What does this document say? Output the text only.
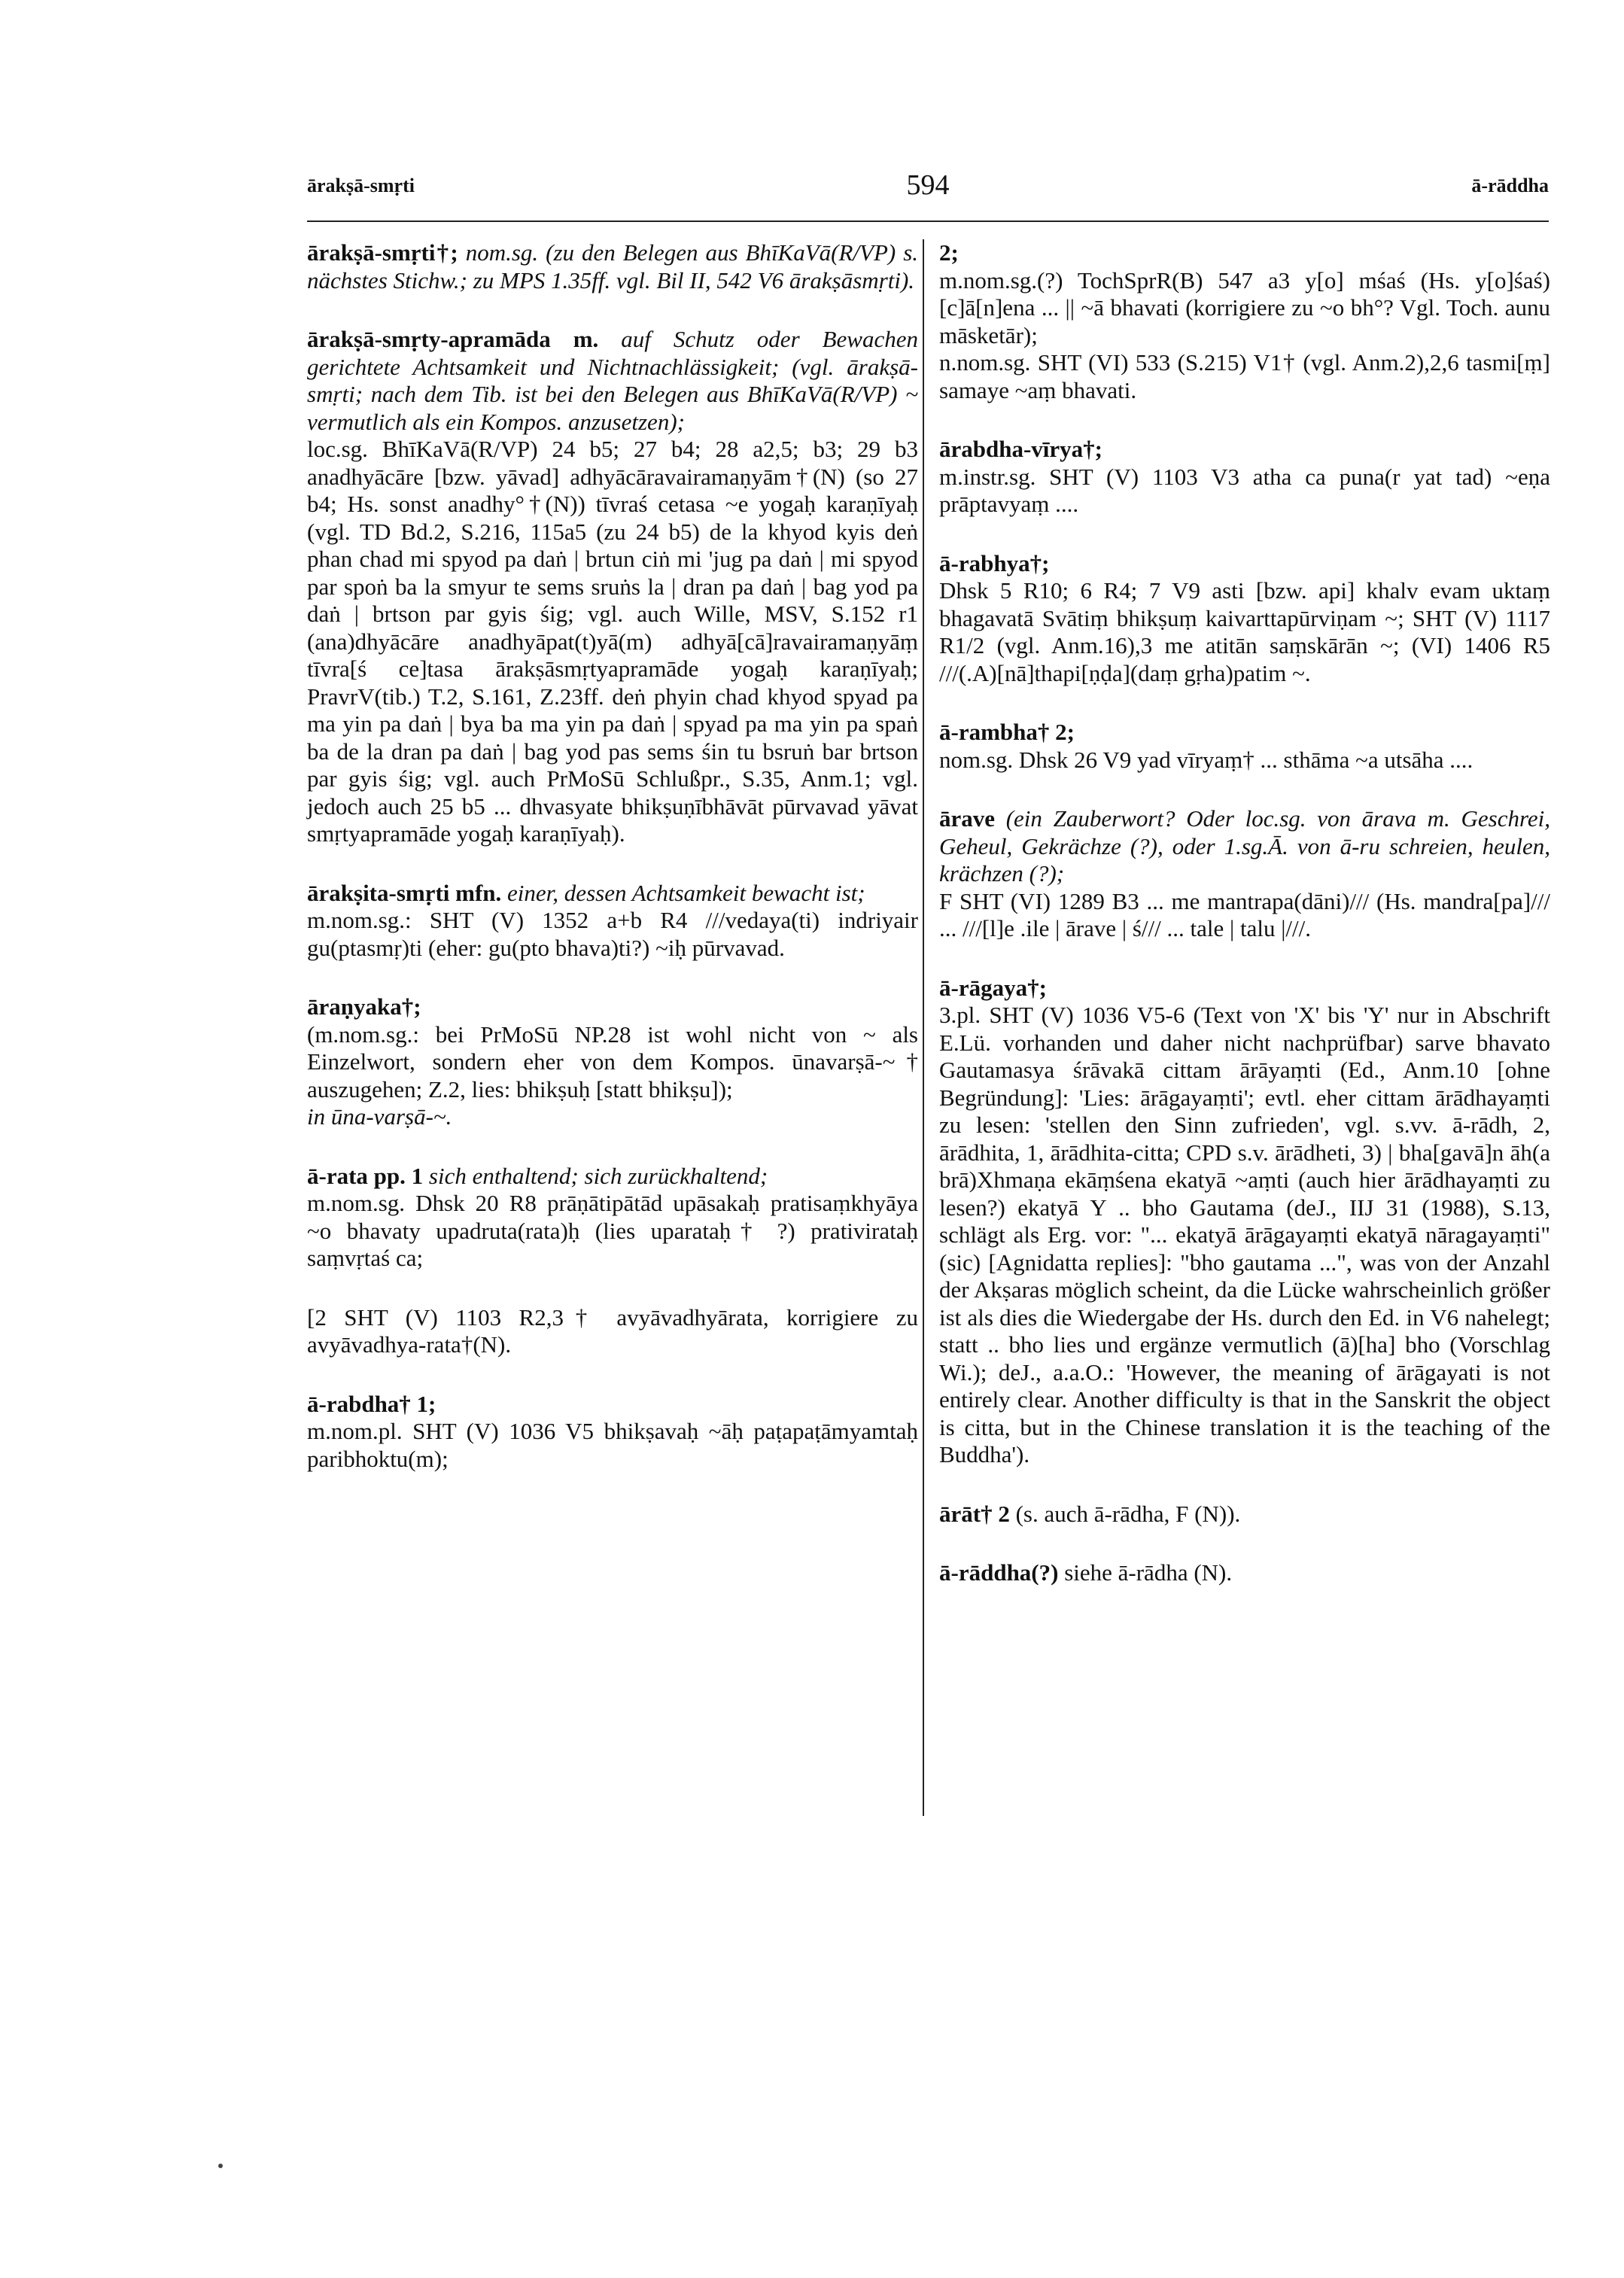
ārakṣā-smṛti	594	ā-rāddha

ārakṣā-smṛti†; nom.sg. (zu den Belegen aus BhīKaVā(R/VP) s. nächstes Stichw.; zu MPS 1.35ff. vgl. Bil II, 542 V6 ārakṣāsmṛti).

ārakṣā-smṛty-apramāda m. auf Schutz oder Bewachen gerichtete Achtsamkeit und Nichtnachlässigkeit; (vgl. ārakṣā-smṛti; nach dem Tib. ist bei den Belegen aus BhīKaVā(R/VP) ~ vermutlich als ein Kompos. anzusetzen);

loc.sg. BhīKaVā(R/VP) 24 b5; 27 b4; 28 a2,5; b3; 29 b3 anadhyācāre [bzw. yāvad] adhyācāravairamaṇyām†(N) (so 27 b4; Hs. sonst anadhy°†(N)) tīvraś cetasa ~e yogaḥ karaṇīyaḥ (vgl. TD Bd.2, S.216, 115a5 (zu 24 b5) de la khyod kyis deṅ phan chad mi spyod pa daṅ | brtun ciṅ mi 'jug pa daṅ | mi spyod par spoṅ ba la smyur te sems sruṅs la | dran pa daṅ | bag yod pa daṅ | brtson par gyis śig; vgl. auch Wille, MSV, S.152 r1 (ana)dhyācāre anadhyāpat(t)yā(m) adhyā[cā]ravairamaṇyāṃ tīvra[ś ce]tasa ārakṣāsmṛtyapramāde yogaḥ karaṇīyaḥ; PravrV(tib.) T.2, S.161, Z.23ff. deṅ phyin chad khyod spyad pa ma yin pa daṅ | bya ba ma yin pa daṅ | spyad pa ma yin pa spaṅ ba de la dran pa daṅ | bag yod pas sems śin tu bsruṅ bar brtson par gyis śig; vgl. auch PrMoSū Schlußpr., S.35, Anm.1; vgl. jedoch auch 25 b5 ... dhvasyate bhikṣuṇībhāvāt pūrvavad yāvat smṛtyapramāde yogaḥ karaṇīyaḥ).

ārakṣita-smṛti mfn. einer, dessen Achtsamkeit bewacht ist;

m.nom.sg.: SHT (V) 1352 a+b R4 ///vedaya(ti) indriyair gu(ptasmṛ)ti (eher: gu(pto bhava)ti?) ~iḥ pūrvavad.

āraṇyaka†;

(m.nom.sg.: bei PrMoSū NP.28 ist wohl nicht von ~ als Einzelwort, sondern eher von dem Kompos. ūnavarṣā-~† auszugehen; Z.2, lies: bhikṣuḥ [statt bhikṣu]);

in ūna-varṣā-~.

ā-rata pp. 1 sich enthaltend; sich zurückhaltend;

m.nom.sg. Dhsk 20 R8 prāṇātipātād upāsakaḥ pratisaṃkhyāya ~o bhavaty upadruta(rata)ḥ (lies uparataḥ† ?) prativirataḥ saṃvṛtaś ca;

[2 SHT (V) 1103 R2,3† avyāvadhyārata, korrigiere zu avyāvadhya-rata†(N).

ā-rabdha† 1;

m.nom.pl. SHT (V) 1036 V5 bhikṣavaḥ ~āḥ paṭapaṭāmyamtaḥ paribhoktu(m);

2;

m.nom.sg.(?) TochSprR(B) 547 a3 y[o] mśaś (Hs. y[o]śaś) [c]ā[n]ena ... || ~ā bhavati (korrigiere zu ~o bh°? Vgl. Toch. aunu māsketār);

n.nom.sg. SHT (VI) 533 (S.215) V1† (vgl. Anm.2),2,6 tasmi[ṃ] samaye ~aṃ bhavati.

ārabdha-vīrya†;

m.instr.sg. SHT (V) 1103 V3 atha ca puna(r yat tad) ~eṇa prāptavyaṃ ....

ā-rabhya†;

Dhsk 5 R10; 6 R4; 7 V9 asti [bzw. api] khalv evam uktaṃ bhagavatā Svātiṃ bhikṣuṃ kaivarttapūrviṇam ~; SHT (V) 1117 R1/2 (vgl. Anm.16),3 me atitān saṃskārān ~; (VI) 1406 R5 ///(.A)[nā]thapi[ṇḍa](daṃ gṛha)patim ~.

ā-rambha† 2;

nom.sg. Dhsk 26 V9 yad vīryaṃ† ... sthāma ~a utsāha ....

ārave (ein Zauberwort? Oder loc.sg. von ārava m. Geschrei, Geheul, Gekrächze (?), oder 1.sg.Ā. von ā-ru schreien, heulen, krächzen (?);

F SHT (VI) 1289 B3 ... me mantrapa(dāni)/// (Hs. mandra[pa]/// ... ///[l]e .ile | ārave | ś/// ... tale | talu |///.

ā-rāgaya†;

3.pl. SHT (V) 1036 V5-6 (Text von 'X' bis 'Y' nur in Abschrift E.Lü. vorhanden und daher nicht nachprüfbar) sarve bhavato Gautamasya śrāvakā cittam ārāyaṃti (Ed., Anm.10 [ohne Begründung]: 'Lies: ārāgayaṃti'; evtl. eher cittam ārādhayaṃti zu lesen: 'stellen den Sinn zufrieden', vgl. s.vv. ā-rādh, 2, ārādhita, 1, ārādhita-citta; CPD s.v. ārādheti, 3) | bha[gavā]n āh(a brā)Xhmaṇa ekāṃśena ekatyā ~aṃti (auch hier ārādhayaṃti zu lesen?) ekatyā Y .. bho Gautama (deJ., IIJ 31 (1988), S.13, schlägt als Erg. vor: "... ekatyā ārāgayaṃti ekatyā nāragayaṃti" (sic) [Agnidatta replies]: "bho gautama ...", was von der Anzahl der Akṣaras möglich scheint, da die Lücke wahrscheinlich größer ist als dies die Wiedergabe der Hs. durch den Ed. in V6 nahelegt; statt .. bho lies und ergänze vermutlich (ā)[ha] bho (Vorschlag Wi.); deJ., a.a.O.: 'However, the meaning of ārāgayati is not entirely clear. Another difficulty is that in the Sanskrit the object is citta, but in the Chinese translation it is the teaching of the Buddha').

ārāt† 2 (s. auch ā-rādha, F (N)).

ā-rāddha(?) siehe ā-rādha (N).
